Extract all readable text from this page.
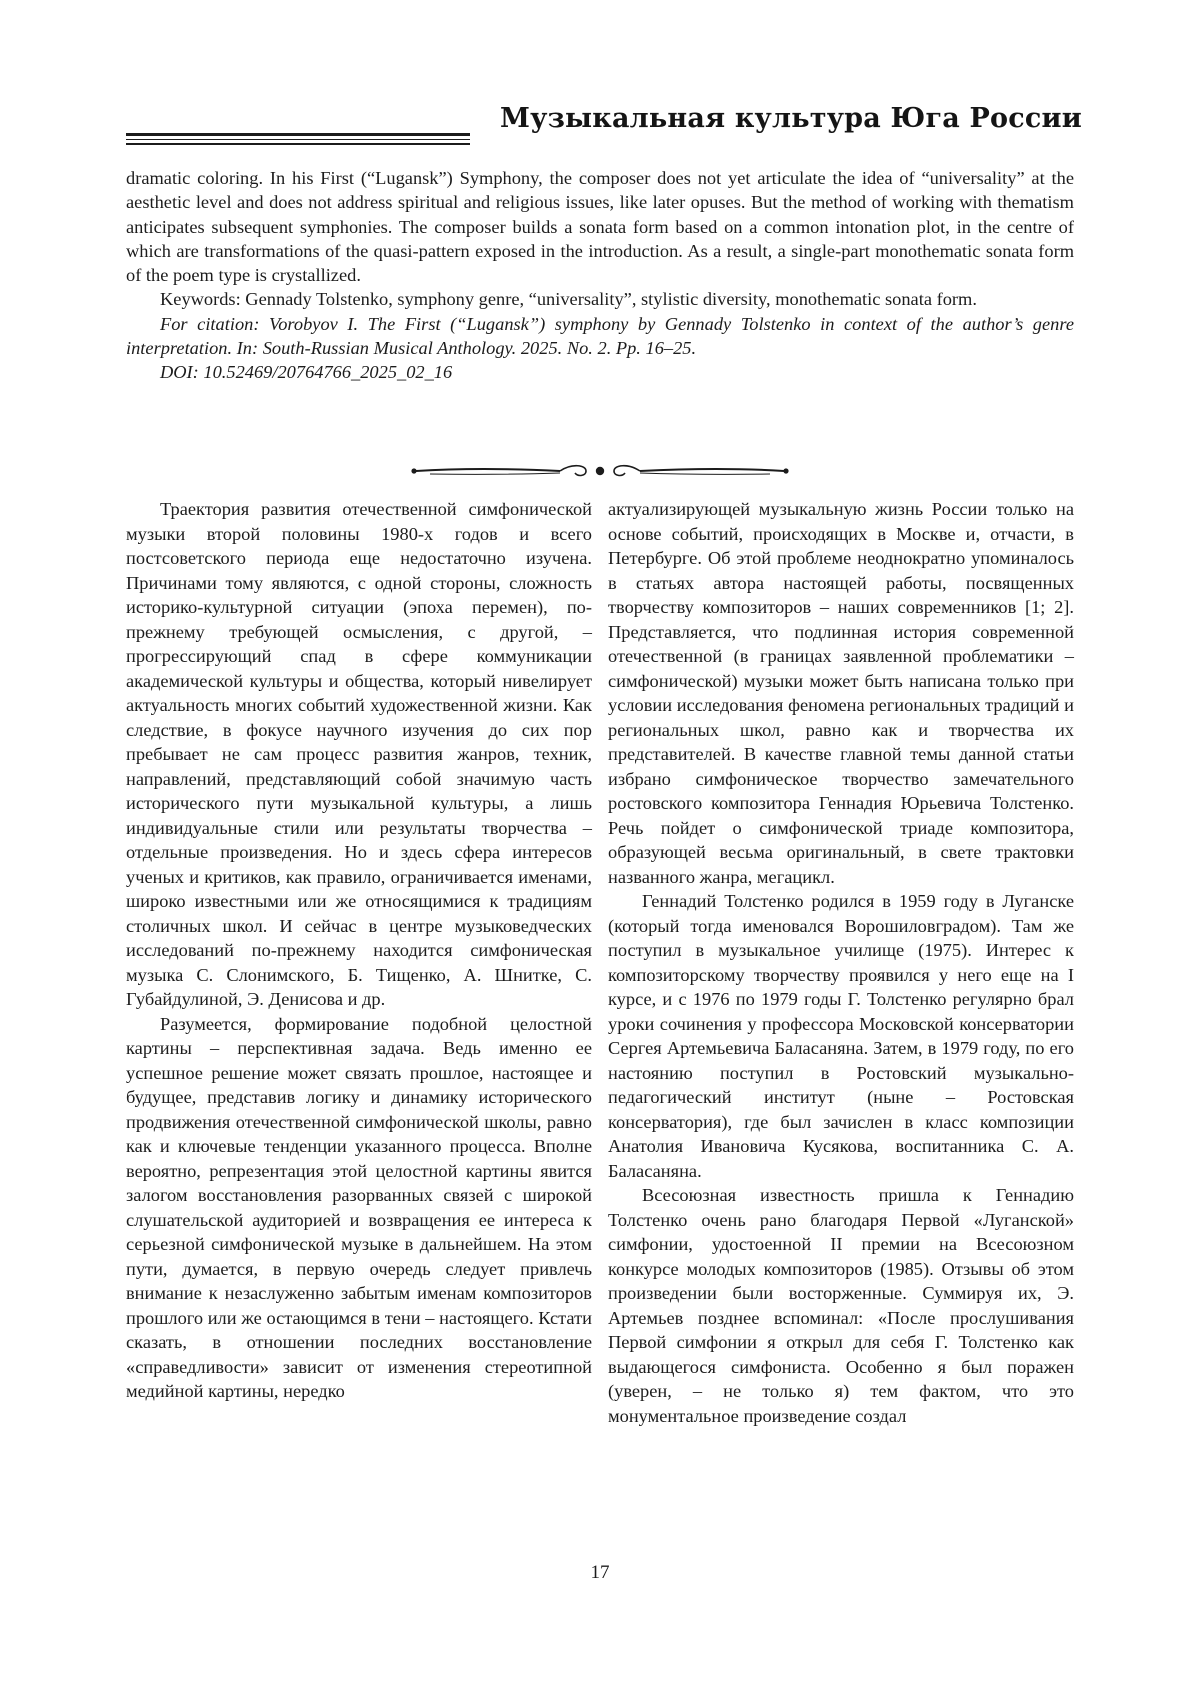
Музыкальная культура Юга России

dramatic coloring. In his First (“Lugansk”) Symphony, the composer does not yet articulate the idea of “universality” at the aesthetic level and does not address spiritual and religious issues, like later opuses. But the method of working with thematism anticipates subsequent symphonies. The composer builds a sonata form based on a common intonation plot, in the centre of which are transformations of the quasi-pattern exposed in the introduction. As a result, a single-part monothematic sonata form of the poem type is crystallized.

Keywords: Gennady Tolstenko, symphony genre, “universality”, stylistic diversity, monothematic sonata form.

For citation: Vorobyov I. The First (“Lugansk”) symphony by Gennady Tolstenko in context of the author’s genre interpretation. In: South-Russian Musical Anthology. 2025. No. 2. Pp. 16–25.

DOI: 10.52469/20764766_2025_02_16

Траектория развития отечественной симфонической музыки второй половины 1980-х годов и всего постсоветского периода еще недостаточно изучена. Причинами тому являются, с одной стороны, сложность историко-культурной ситуации (эпоха перемен), по-прежнему требующей осмысления, с другой, – прогрессирующий спад в сфере коммуникации академической культуры и общества, который нивелирует актуальность многих событий художественной жизни. Как следствие, в фокусе научного изучения до сих пор пребывает не сам процесс развития жанров, техник, направлений, представляющий собой значимую часть исторического пути музыкальной культуры, а лишь индивидуальные стили или результаты творчества – отдельные произведения. Но и здесь сфера интересов ученых и критиков, как правило, ограничивается именами, широко известными или же относящимися к традициям столичных школ. И сейчас в центре музыковедческих исследований по-прежнему находится симфоническая музыка С. Слонимского, Б. Тищенко, А. Шнитке, С. Губайдулиной, Э. Денисова и др.

Разумеется, формирование подобной целостной картины – перспективная задача. Ведь именно ее успешное решение может связать прошлое, настоящее и будущее, представив логику и динамику исторического продвижения отечественной симфонической школы, равно как и ключевые тенденции указанного процесса. Вполне вероятно, репрезентация этой целостной картины явится залогом восстановления разорванных связей с широкой слушательской аудиторией и возвращения ее интереса к серьезной симфонической музыке в дальнейшем. На этом пути, думается, в первую очередь следует привлечь внимание к незаслуженно забытым именам композиторов прошлого или же остающимся в тени – настоящего. Кстати сказать, в отношении последних восстановление «справедливости» зависит от изменения стереотипной медийной картины, нередко

актуализирующей музыкальную жизнь России только на основе событий, происходящих в Москве и, отчасти, в Петербурге. Об этой проблеме неоднократно упоминалось в статьях автора настоящей работы, посвященных творчеству композиторов – наших современников [1; 2]. Представляется, что подлинная история современной отечественной (в границах заявленной проблематики – симфонической) музыки может быть написана только при условии исследования феномена региональных традиций и региональных школ, равно как и творчества их представителей. В качестве главной темы данной статьи избрано симфоническое творчество замечательного ростовского композитора Геннадия Юрьевича Толстенко. Речь пойдет о симфонической триаде композитора, образующей весьма оригинальный, в свете трактовки названного жанра, мегацикл.

Геннадий Толстенко родился в 1959 году в Луганске (который тогда именовался Ворошиловградом). Там же поступил в музыкальное училище (1975). Интерес к композиторскому творчеству проявился у него еще на I курсе, и с 1976 по 1979 годы Г. Толстенко регулярно брал уроки сочинения у профессора Московской консерватории Сергея Артемьевича Баласаняна. Затем, в 1979 году, по его настоянию поступил в Ростовский музыкально-педагогический институт (ныне – Ростовская консерватория), где был зачислен в класс композиции Анатолия Ивановича Кусякова, воспитанника С. А. Баласаняна.

Всесоюзная известность пришла к Геннадию Толстенко очень рано благодаря Первой «Луганской» симфонии, удостоенной II премии на Всесоюзном конкурсе молодых композиторов (1985). Отзывы об этом произведении были восторженные. Суммируя их, Э. Артемьев позднее вспоминал: «После прослушивания Первой симфонии я открыл для себя Г. Толстенко как выдающегося симфониста. Особенно я был поражен (уверен, – не только я) тем фактом, что это монументальное произведение создал

17
